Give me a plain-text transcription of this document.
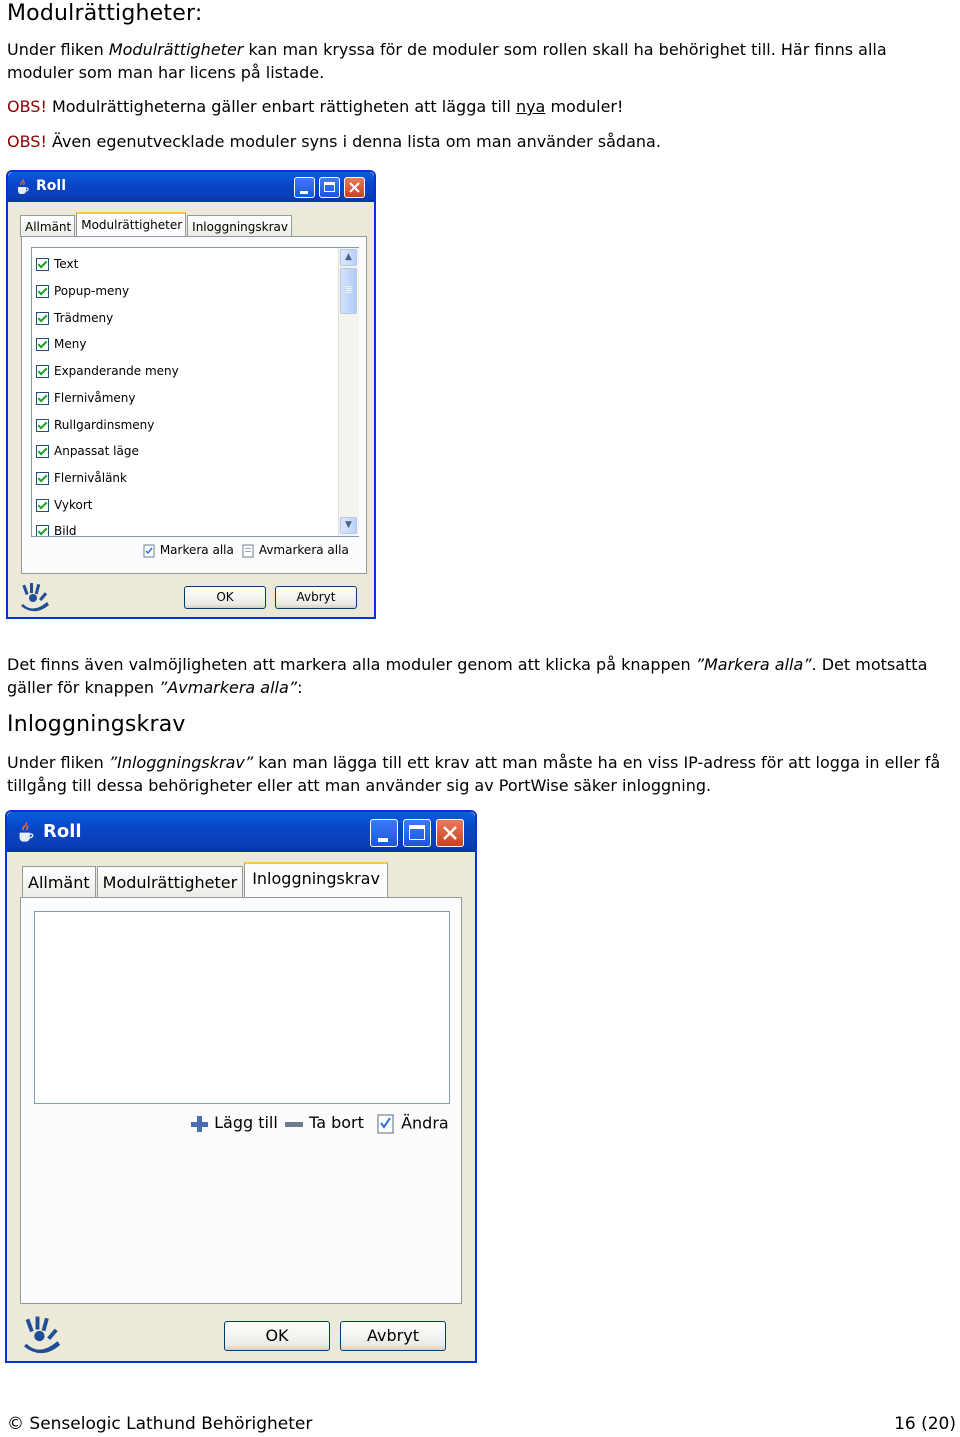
Modulrättigheter:
Under fliken Modulrättigheter kan man kryssa för de moduler som rollen skall ha behörighet till. Här finns alla
moduler som man har licens på listade.
OBS! Modulrättigheterna gäller enbart rättigheten att lägga till nya moduler!
OBS! Även egenutvecklade moduler syns i denna lista om man använder sådana.
Roll
Allmänt Modulrättigheter Inloggningskrav
Text
Popup-meny
Trädmeny
Meny
Expanderande meny
Flernivåmeny
Rullgardinsmeny
Anpassat läge
Flernivålänk
Vykort
Bild
▲
▼
Markera alla	Avmarkera alla
OK	Avbryt
Det finns även valmöjligheten att markera alla moduler genom att klicka på knappen ”Markera alla”. Det motsatta
gäller för knappen ”Avmarkera alla”:
Inloggningskrav
Under fliken ”Inloggningskrav” kan man lägga till ett krav att man måste ha en viss IP-adress för att logga in eller få
tillgång till dessa behörigheter eller att man använder sig av PortWise säker inloggning.
Roll
Allmänt Modulrättigheter Inloggningskrav
Lägg till	Ta bort	Ändra
OK	Avbryt
© Senselogic Lathund Behörigheter	16 (20)
